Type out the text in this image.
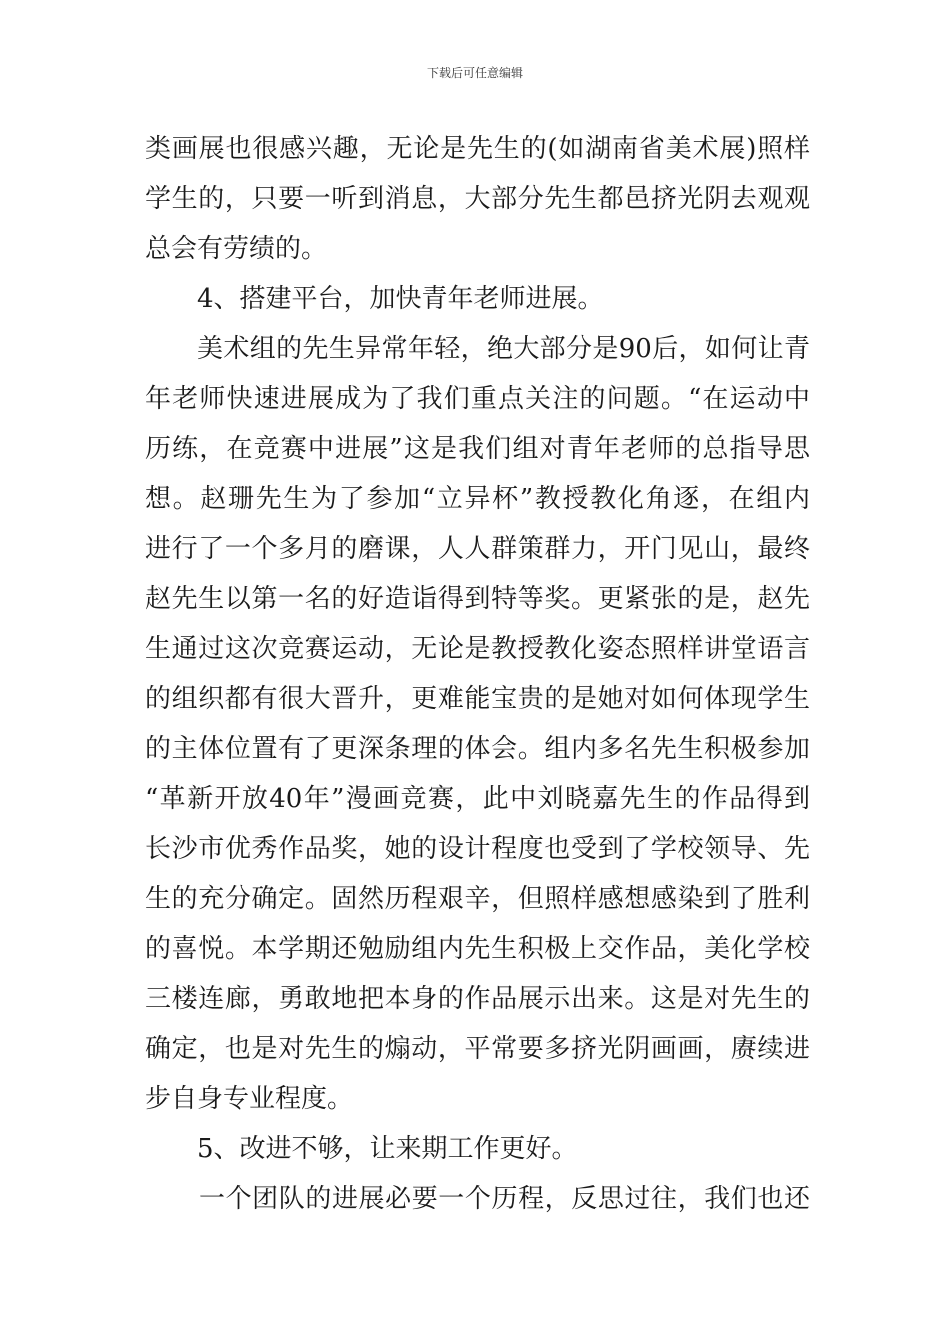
下载后可任意编辑
类画展也很感兴趣，无论是先生的(如湖南省美术展)照样
学生的，只要一听到消息，大部分先生都邑挤光阴去观观
总会有劳绩的。
4、搭建平台，加快青年老师进展。
美术组的先生异常年轻，绝大部分是90后，如何让青
年老师快速进展成为了我们重点关注的问题。“在运动中
历练，在竞赛中进展”这是我们组对青年老师的总指导思
想。赵珊先生为了参加“立异杯”教授教化角逐，在组内
进行了一个多月的磨课，人人群策群力，开门见山，最终
赵先生以第一名的好造诣得到特等奖。更紧张的是，赵先
生通过这次竞赛运动，无论是教授教化姿态照样讲堂语言
的组织都有很大晋升，更难能宝贵的是她对如何体现学生
的主体位置有了更深条理的体会。组内多名先生积极参加
“革新开放40年”漫画竞赛，此中刘晓嘉先生的作品得到
长沙市优秀作品奖，她的设计程度也受到了学校领导、先
生的充分确定。固然历程艰辛，但照样感想感染到了胜利
的喜悦。本学期还勉励组内先生积极上交作品，美化学校
三楼连廊，勇敢地把本身的作品展示出来。这是对先生的
确定，也是对先生的煽动，平常要多挤光阴画画，赓续进
步自身专业程度。
5、改进不够，让来期工作更好。
一个团队的进展必要一个历程，反思过往，我们也还
